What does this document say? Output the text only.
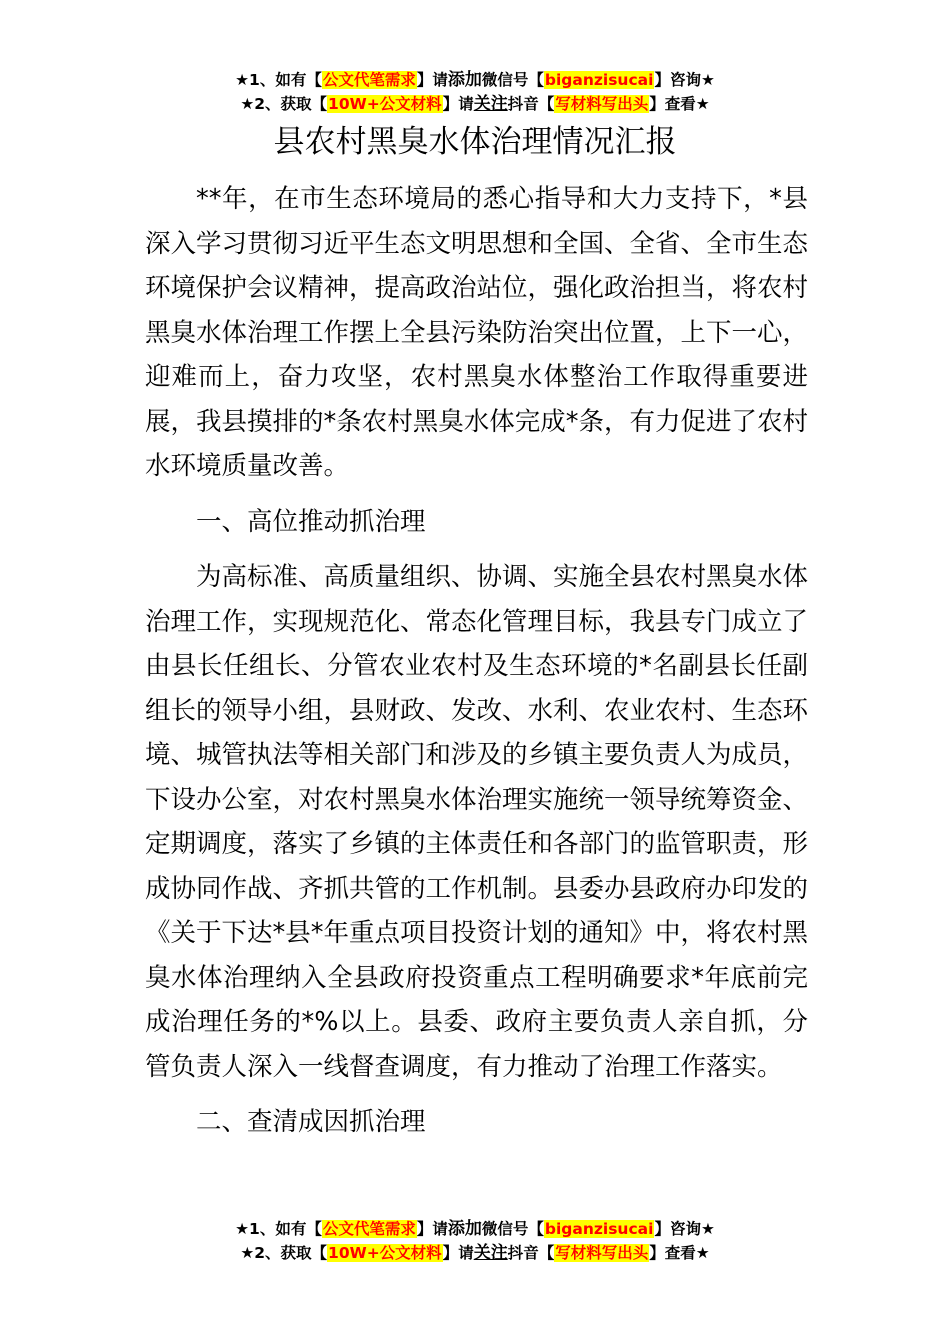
★1、如有【公文代笔需求】请添加微信号【biganzisucai】咨询★
★2、获取【10W+公文材料】请关注抖音【写材料写出头】查看★
县农村黑臭水体治理情况汇报

**年，在市生态环境局的悉心指导和大力支持下，*县深入学习贯彻习近平生态文明思想和全国、全省、全市生态环境保护会议精神，提高政治站位，强化政治担当，将农村黑臭水体治理工作摆上全县污染防治突出位置，上下一心，迎难而上，奋力攻坚，农村黑臭水体整治工作取得重要进展，我县摸排的*条农村黑臭水体完成*条，有力促进了农村水环境质量改善。

一、高位推动抓治理

为高标准、高质量组织、协调、实施全县农村黑臭水体治理工作，实现规范化、常态化管理目标，我县专门成立了由县长任组长、分管农业农村及生态环境的*名副县长任副组长的领导小组，县财政、发改、水利、农业农村、生态环境、城管执法等相关部门和涉及的乡镇主要负责人为成员，下设办公室，对农村黑臭水体治理实施统一领导统筹资金、定期调度，落实了乡镇的主体责任和各部门的监管职责，形成协同作战、齐抓共管的工作机制。县委办县政府办印发的《关于下达*县*年重点项目投资计划的通知》中，将农村黑臭水体治理纳入全县政府投资重点工程明确要求*年底前完成治理任务的*%以上。县委、政府主要负责人亲自抓，分管负责人深入一线督查调度，有力推动了治理工作落实。

二、查清成因抓治理

★1、如有【公文代笔需求】请添加微信号【biganzisucai】咨询★
★2、获取【10W+公文材料】请关注抖音【写材料写出头】查看★
